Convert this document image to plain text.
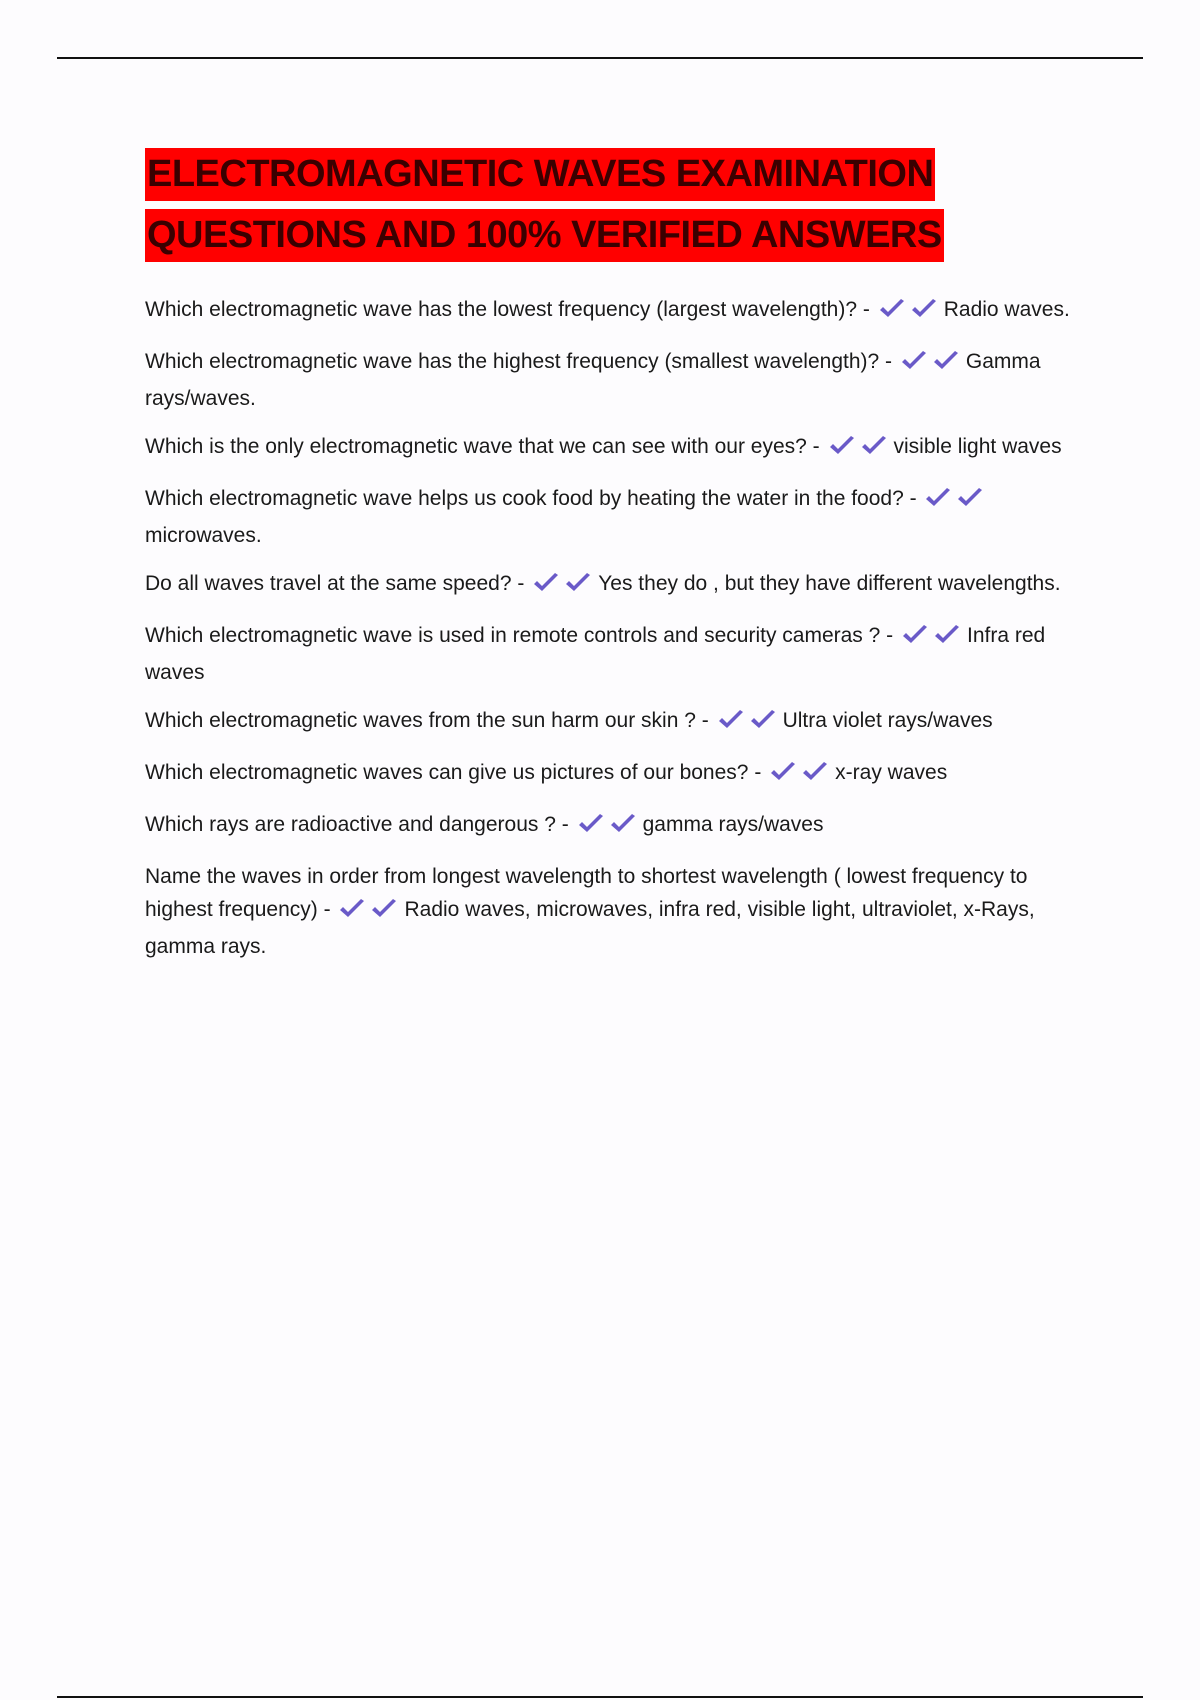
ELECTROMAGNETIC WAVES EXAMINATION
QUESTIONS AND 100% VERIFIED ANSWERS
Which electromagnetic wave has the lowest frequency (largest wavelength)? -	Radio waves.
Which electromagnetic wave has the highest frequency (smallest wavelength)? -	Gamma rays/waves.
Which is the only electromagnetic wave that we can see with our eyes? -	visible light waves
Which electromagnetic wave helps us cook food by heating the water in the food? -
microwaves.
Do all waves travel at the same speed? -	Yes they do , but they have different wavelengths.
Which electromagnetic wave is used in remote controls and security cameras ? -	Infra red waves
Which electromagnetic waves from the sun harm our skin ? -	Ultra violet rays/waves
Which electromagnetic waves can give us pictures of our bones? -	x-ray waves
Which rays are radioactive and dangerous ? -	gamma rays/waves
Name the waves in order from longest wavelength to shortest wavelength ( lowest frequency to highest frequency) -	Radio waves, microwaves, infra red, visible light, ultraviolet, x-Rays, gamma rays.
